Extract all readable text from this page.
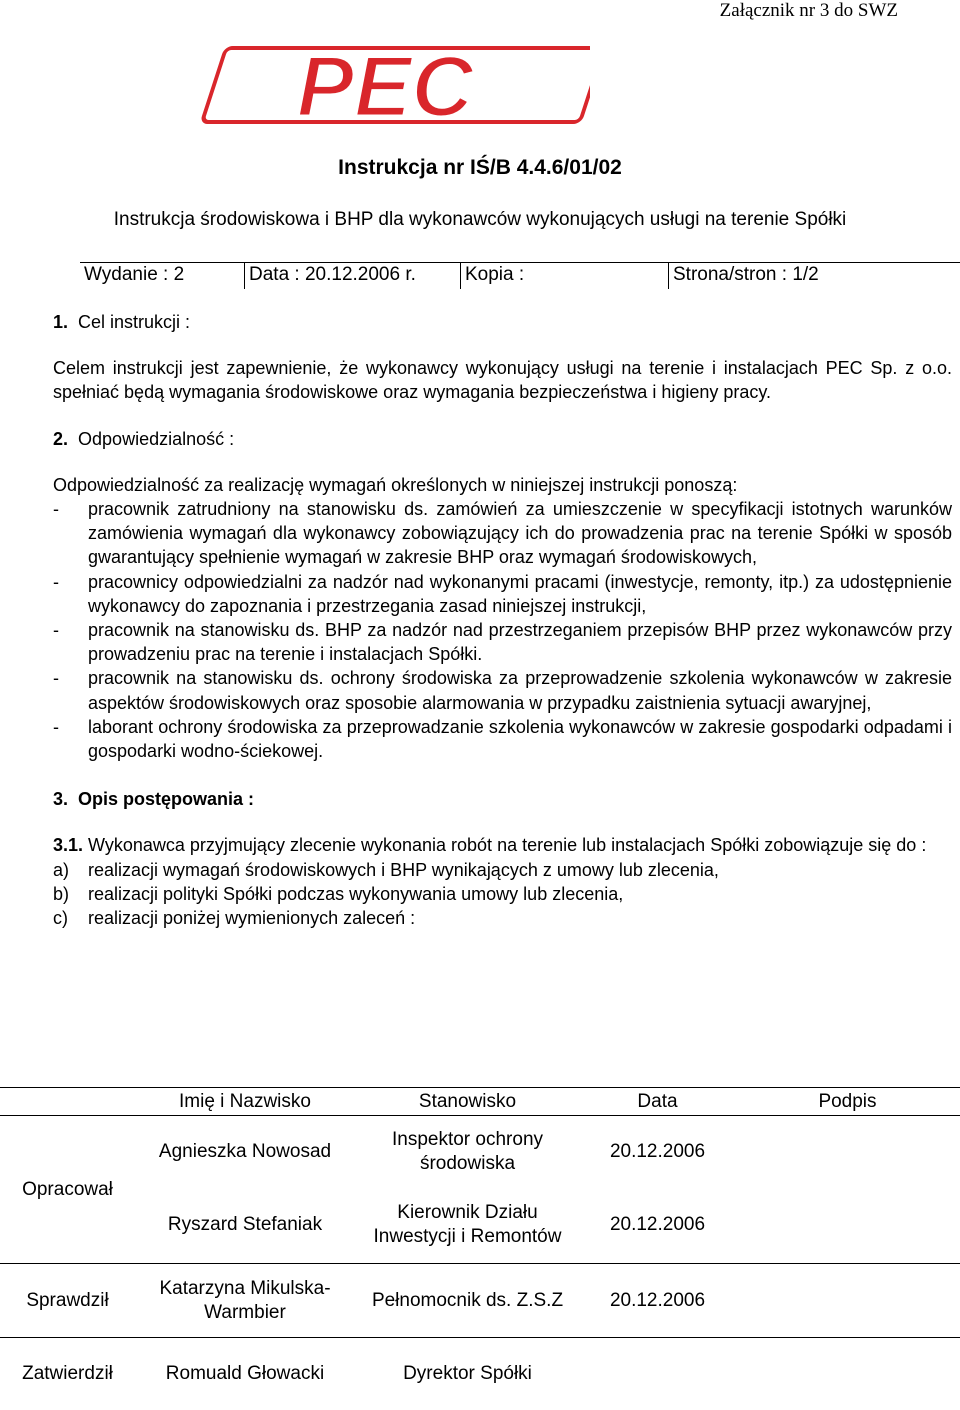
Załącznik nr 3 do SWZ
PEC
Instrukcja nr IŚ/B 4.4.6/01/02
Instrukcja środowiskowa i BHP dla wykonawców wykonujących usługi na terenie Spółki
Wydanie : 2	Data : 20.12.2006 r.	Kopia :	Strona/stron : 1/2

1. Cel instrukcji :

Celem instrukcji jest zapewnienie, że wykonawcy wykonujący usługi na terenie i instalacjach PEC Sp. z o.o. spełniać będą wymagania środowiskowe oraz wymagania bezpieczeństwa i higieny pracy.

2. Odpowiedzialność :

Odpowiedzialność za realizację wymagań określonych w niniejszej instrukcji ponoszą:

-	pracownik zatrudniony na stanowisku ds. zamówień za umieszczenie w specyfikacji istotnych warunków zamówienia wymagań dla wykonawcy zobowiązujący ich do prowadzenia prac na terenie Spółki w sposób gwarantujący spełnienie wymagań w zakresie BHP oraz wymagań środowiskowych,
-	pracownicy odpowiedzialni za nadzór nad wykonanymi pracami (inwestycje, remonty, itp.) za udostępnienie wykonawcy do zapoznania i przestrzegania zasad niniejszej instrukcji,
-	pracownik na stanowisku ds. BHP za nadzór nad przestrzeganiem przepisów BHP przez wykonawców przy prowadzeniu prac na terenie i instalacjach Spółki.
-	pracownik na stanowisku ds. ochrony środowiska za przeprowadzenie szkolenia wykonawców w zakresie aspektów środowiskowych oraz sposobie alarmowania w przypadku zaistnienia sytuacji awaryjnej,
-	laborant ochrony środowiska za przeprowadzanie szkolenia wykonawców w zakresie gospodarki odpadami i gospodarki wodno-ściekowej.

3. Opis postępowania :

3.1. Wykonawca przyjmujący zlecenie wykonania robót na terenie lub instalacjach Spółki zobowiązuje się do :

a)	realizacji wymagań środowiskowych i BHP wynikających z umowy lub zlecenia,
b)	realizacji polityki Spółki podczas wykonywania umowy lub zlecenia,
c)	realizacji poniżej wymienionych zaleceń :
	Imię i Nazwisko	Stanowisko	Data	Podpis
Opracował	Agnieszka Nowosad	Inspektor ochrony środowiska	20.12.2006	
	Ryszard Stefaniak	Kierownik Działu Inwestycji i Remontów	20.12.2006	
Sprawdził	Katarzyna Mikulska-Warmbier	Pełnomocnik ds. Z.S.Z	20.12.2006	
Zatwierdził	Romuald Głowacki	Dyrektor Spółki		
